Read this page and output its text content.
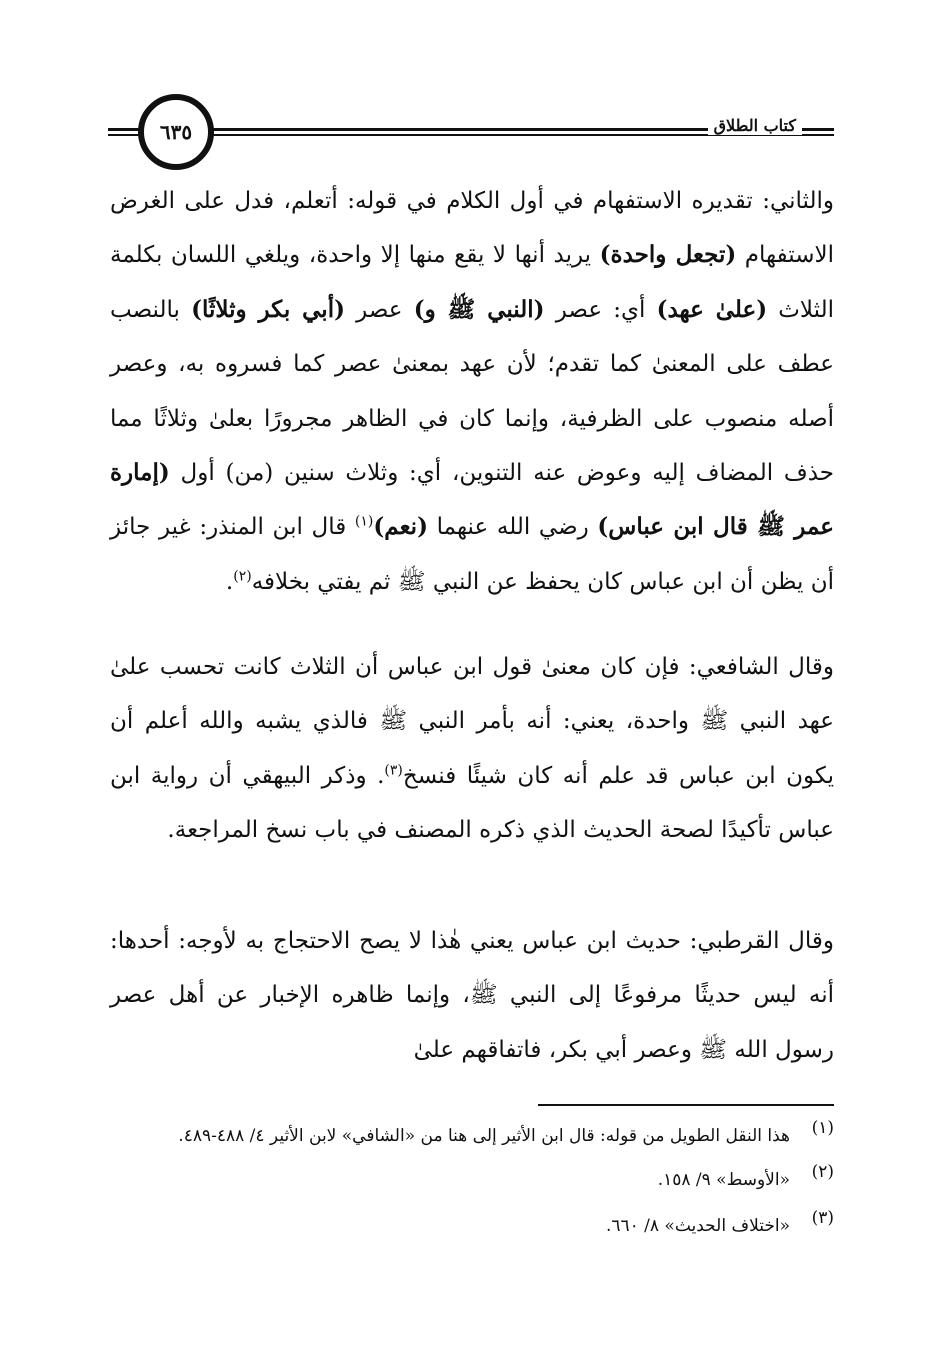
كتاب الطلاق
٦٣٥

والثاني: تقديره الاستفهام في أول الكلام في قوله: أتعلم، فدل على الغرض الاستفهام (تجعل واحدة) يريد أنها لا يقع منها إلا واحدة، ويلغي اللسان بكلمة الثلاث (علىٰ عهد) أي: عصر (النبي ﷺ و) عصر (أبي بكر وثلاثًا) بالنصب عطف على المعنىٰ كما تقدم؛ لأن عهد بمعنىٰ عصر كما فسروه به، وعصر أصله منصوب على الظرفية، وإنما كان في الظاهر مجرورًا بعلىٰ وثلاثًا مما حذف المضاف إليه وعوض عنه التنوين، أي: وثلاث سنين (من) أول (إمارة عمر ﷺ قال ابن عباس) رضي الله عنهما (نعم)$^{(١)}$ قال ابن المنذر: غير جائز أن يظن أن ابن عباس كان يحفظ عن النبي ﷺ ثم يفتي بخلافه$^{(٢)}$.

وقال الشافعي: فإن كان معنىٰ قول ابن عباس أن الثلاث كانت تحسب علىٰ عهد النبي ﷺ واحدة، يعني: أنه بأمر النبي ﷺ فالذي يشبه والله أعلم أن يكون ابن عباس قد علم أنه كان شيئًا فنسخ$^{(٣)}$. وذكر البيهقي أن رواية ابن عباس تأكيدًا لصحة الحديث الذي ذكره المصنف في باب نسخ المراجعة.

وقال القرطبي: حديث ابن عباس يعني هٰذا لا يصح الاحتجاج به لأوجه: أحدها: أنه ليس حديثًا مرفوعًا إلى النبي ﷺ، وإنما ظاهره الإخبار عن أهل عصر رسول الله ﷺ وعصر أبي بكر، فاتفاقهم علىٰ

(١)
هذا النقل الطويل من قوله: قال ابن الأثير إلى هنا من «الشافي» لابن الأثير ٤/ ٤٨٨-٤٨٩.
(٢)
«الأوسط» ٩/ ١٥٨.
(٣)
«اختلاف الحديث» ٨/ ٦٦٠.
